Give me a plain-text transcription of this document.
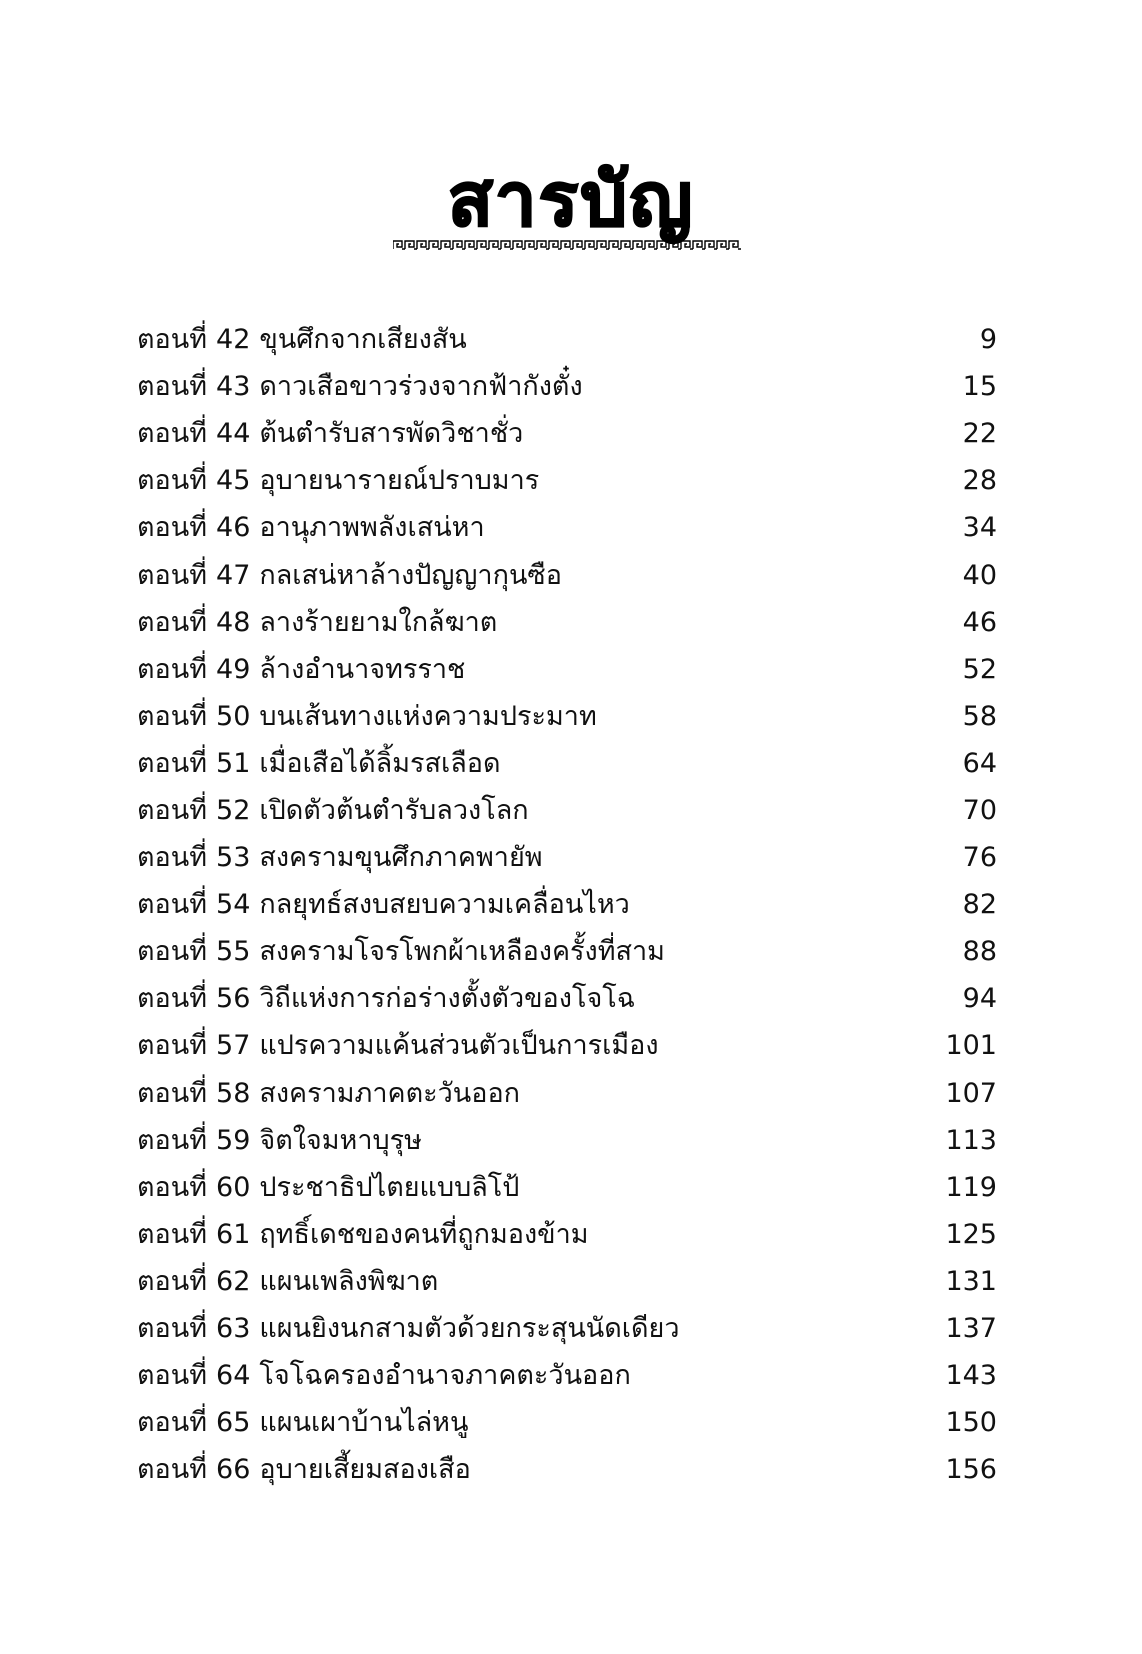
สารบัญ
ตอนที่ 42 ขุนศึกจากเสียงสัน	9
ตอนที่ 43 ดาวเสือขาวร่วงจากฟ้ากังตั๋ง	15
ตอนที่ 44 ต้นตำรับสารพัดวิชาชั่ว	22
ตอนที่ 45 อุบายนารายณ์ปราบมาร	28
ตอนที่ 46 อานุภาพพลังเสน่หา	34
ตอนที่ 47 กลเสน่หาล้างปัญญากุนซือ	40
ตอนที่ 48 ลางร้ายยามใกล้ฆาต	46
ตอนที่ 49 ล้างอำนาจทรราช	52
ตอนที่ 50 บนเส้นทางแห่งความประมาท	58
ตอนที่ 51 เมื่อเสือได้ลิ้มรสเลือด	64
ตอนที่ 52 เปิดตัวต้นตำรับลวงโลก	70
ตอนที่ 53 สงครามขุนศึกภาคพายัพ	76
ตอนที่ 54 กลยุทธ์สงบสยบความเคลื่อนไหว	82
ตอนที่ 55 สงครามโจรโพกผ้าเหลืองครั้งที่สาม	88
ตอนที่ 56 วิถีแห่งการก่อร่างตั้งตัวของโจโฉ	94
ตอนที่ 57 แปรความแค้นส่วนตัวเป็นการเมือง	101
ตอนที่ 58 สงครามภาคตะวันออก	107
ตอนที่ 59 จิตใจมหาบุรุษ	113
ตอนที่ 60 ประชาธิปไตยแบบลิโป้	119
ตอนที่ 61 ฤทธิ์เดชของคนที่ถูกมองข้าม	125
ตอนที่ 62 แผนเพลิงพิฆาต	131
ตอนที่ 63 แผนยิงนกสามตัวด้วยกระสุนนัดเดียว	137
ตอนที่ 64 โจโฉครองอำนาจภาคตะวันออก	143
ตอนที่ 65 แผนเผาบ้านไล่หนู	150
ตอนที่ 66 อุบายเสี้ยมสองเสือ	156
